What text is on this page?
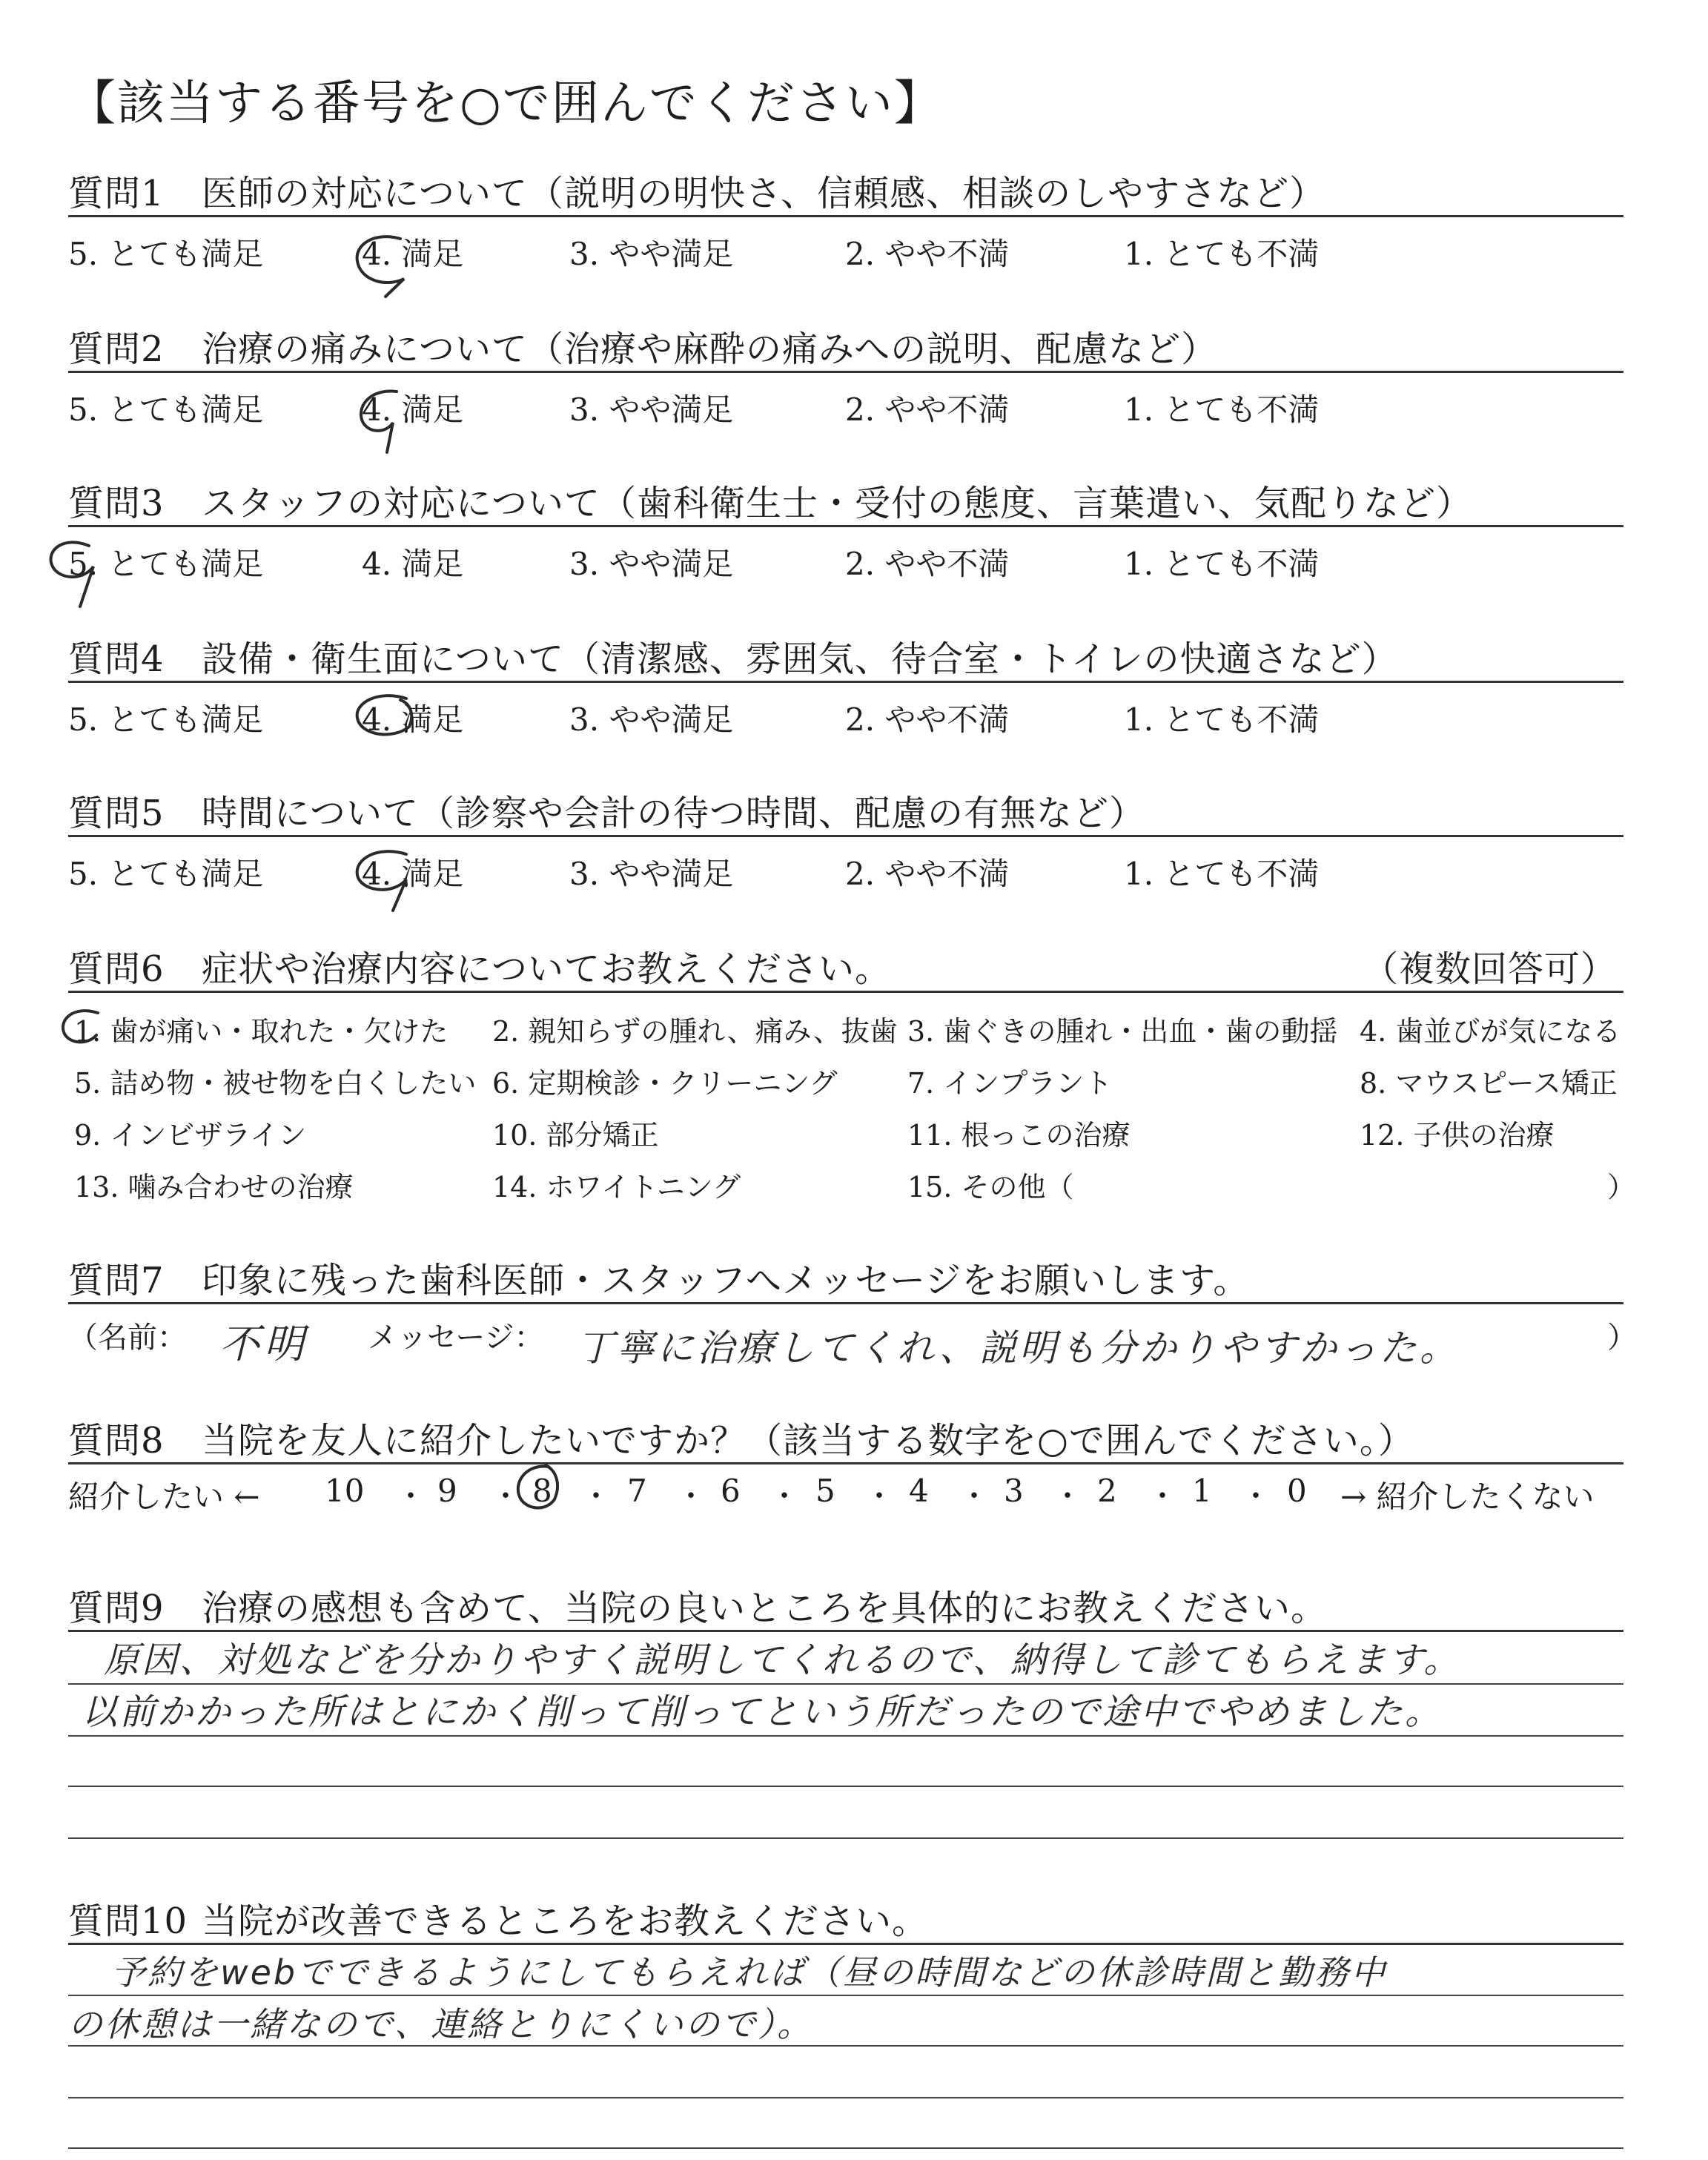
【該当する番号を○で囲んでください】
質問1 医師の対応について（説明の明快さ、信頼感、相談のしやすさなど）
5. とても満足	4. 満足	3. やや満足	2. やや不満	1. とても不満
質問2 治療の痛みについて（治療や麻酔の痛みへの説明、配慮など）
5. とても満足	4. 満足	3. やや満足	2. やや不満	1. とても不満
質問3 スタッフの対応について（歯科衛生士・受付の態度、言葉遣い、気配りなど）
5. とても満足	4. 満足	3. やや満足	2. やや不満	1. とても不満
質問4 設備・衛生面について（清潔感、雰囲気、待合室・トイレの快適さなど）
5. とても満足	4. 満足	3. やや満足	2. やや不満	1. とても不満
質問5 時間について（診察や会計の待つ時間、配慮の有無など）
5. とても満足	4. 満足	3. やや満足	2. やや不満	1. とても不満
質問6 症状や治療内容についてお教えください。	（複数回答可）
1. 歯が痛い・取れた・欠けた 2. 親知らずの腫れ、痛み、抜歯 3. 歯ぐきの腫れ・出血・歯の動揺 4. 歯並びが気になる
5. 詰め物・被せ物を白くしたい 6. 定期検診・クリーニング 7. インプラント	8. マウスピース矯正
9. インビザライン	10. 部分矯正	11. 根っこの治療	12. 子供の治療
13. 噛み合わせの治療	14. ホワイトニング	15. その他（	）
質問7 印象に残った歯科医師・スタッフへメッセージをお願いします。
（名前： 不明 メッセージ： 丁寧に治療してくれ、説明も分かりやすかった。	）
質問8 当院を友人に紹介したいですか？（該当する数字を○で囲んでください。）
紹介したい ← 10 ・ 9 ・ 8 ・ 7 ・ 6 ・ 5 ・ 4 ・ 3 ・ 2 ・ 1 ・ 0 → 紹介したくない
質問9 治療の感想も含めて、当院の良いところを具体的にお教えください。
原因、対処などを分かりやすく説明してくれるので、納得して診てもらえます。
以前かかった所はとにかく削って削ってという所だったので途中でやめました。
質問10 当院が改善できるところをお教えください。
予約をwebでできるようにしてもらえれば（昼の時間などの休診時間と勤務中
の休憩は一緒なので、連絡とりにくいので）。
